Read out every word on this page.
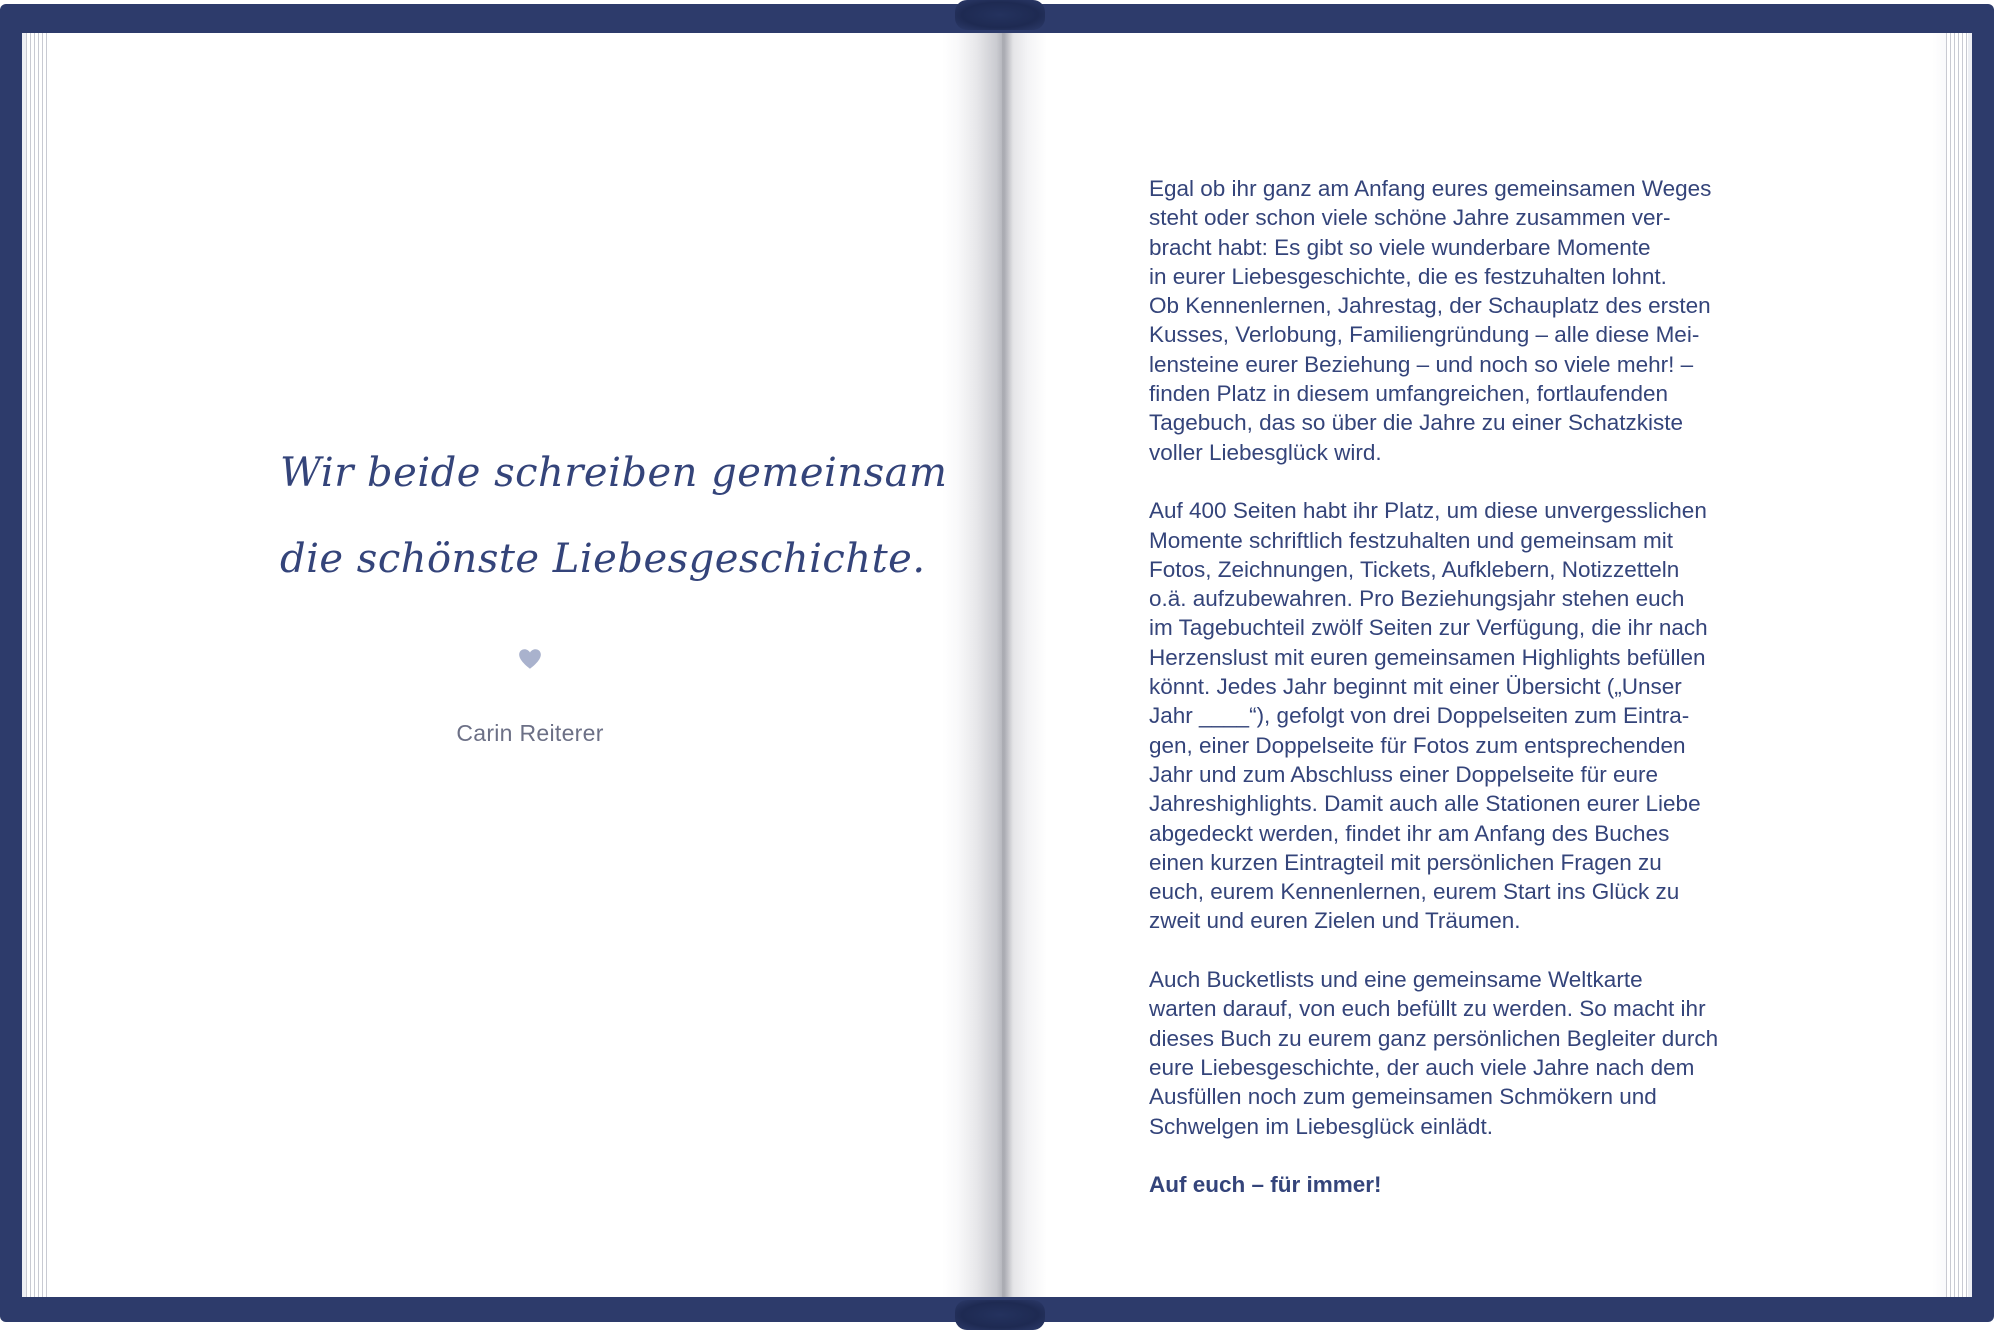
Wir beide schreiben gemeinsam
die schönste Liebesgeschichte.
Carin Reiterer
Egal ob ihr ganz am Anfang eures gemeinsamen Weges
steht oder schon viele schöne Jahre zusammen ver-
bracht habt: Es gibt so viele wunderbare Momente
in eurer Liebesgeschichte, die es festzuhalten lohnt.
Ob Kennenlernen, Jahrestag, der Schauplatz des ersten
Kusses, Verlobung, Familiengründung – alle diese Mei-
lensteine eurer Beziehung – und noch so viele mehr! –
finden Platz in diesem umfangreichen, fortlaufenden
Tagebuch, das so über die Jahre zu einer Schatzkiste
voller Liebesglück wird.
Auf 400 Seiten habt ihr Platz, um diese unvergesslichen
Momente schriftlich festzuhalten und gemeinsam mit
Fotos, Zeichnungen, Tickets, Aufklebern, Notizzetteln
o.ä. aufzubewahren. Pro Beziehungsjahr stehen euch
im Tagebuchteil zwölf Seiten zur Verfügung, die ihr nach
Herzenslust mit euren gemeinsamen Highlights befüllen
könnt. Jedes Jahr beginnt mit einer Übersicht („Unser
Jahr ____“), gefolgt von drei Doppelseiten zum Eintra-
gen, einer Doppelseite für Fotos zum entsprechenden
Jahr und zum Abschluss einer Doppelseite für eure
Jahreshighlights. Damit auch alle Stationen eurer Liebe
abgedeckt werden, findet ihr am Anfang des Buches
einen kurzen Eintragteil mit persönlichen Fragen zu
euch, eurem Kennenlernen, eurem Start ins Glück zu
zweit und euren Zielen und Träumen.
Auch Bucketlists und eine gemeinsame Weltkarte
warten darauf, von euch befüllt zu werden. So macht ihr
dieses Buch zu eurem ganz persönlichen Begleiter durch
eure Liebesgeschichte, der auch viele Jahre nach dem
Ausfüllen noch zum gemeinsamen Schmökern und
Schwelgen im Liebesglück einlädt.
Auf euch – für immer!
